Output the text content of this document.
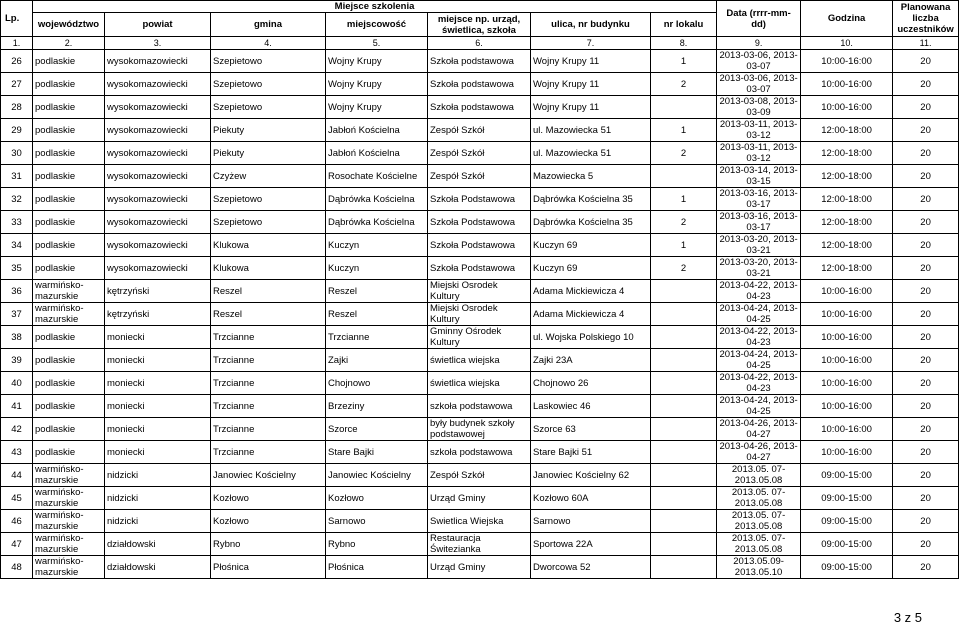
Lp.	Miejsce szkolenia							Data (rrrr-mm-dd)	Godzina	Planowana liczba uczestników
	województwo	powiat	gmina	miejscowość	miejsce np. urząd, świetlica, szkoła	ulica, nr budynku	nr lokalu			
1.	2.	3.	4.	5.	6.	7.	8.	9.	10.	11.
26	podlaskie	wysokomazowiecki	Szepietowo	Wojny Krupy	Szkoła podstawowa	Wojny Krupy 11	1	2013-03-06, 2013-03-07	10:00-16:00	20
27	podlaskie	wysokomazowiecki	Szepietowo	Wojny Krupy	Szkoła podstawowa	Wojny Krupy 11	2	2013-03-06, 2013-03-07	10:00-16:00	20
28	podlaskie	wysokomazowiecki	Szepietowo	Wojny Krupy	Szkoła podstawowa	Wojny Krupy 11		2013-03-08, 2013-03-09	10:00-16:00	20
29	podlaskie	wysokomazowiecki	Piekuty	Jabłoń Kościelna	Zespół Szkół	ul. Mazowiecka 51	1	2013-03-11, 2013-03-12	12:00-18:00	20
30	podlaskie	wysokomazowiecki	Piekuty	Jabłoń Kościelna	Zespół Szkół	ul. Mazowiecka 51	2	2013-03-11, 2013-03-12	12:00-18:00	20
31	podlaskie	wysokomazowiecki	Czyżew	Rosochate Kościelne	Zespół Szkół	Mazowiecka 5		2013-03-14, 2013-03-15	12:00-18:00	20
32	podlaskie	wysokomazowiecki	Szepietowo	Dąbrówka Kościelna	Szkoła Podstawowa	Dąbrówka Kościelna 35	1	2013-03-16, 2013-03-17	12:00-18:00	20
33	podlaskie	wysokomazowiecki	Szepietowo	Dąbrówka Kościelna	Szkoła Podstawowa	Dąbrówka Kościelna 35	2	2013-03-16, 2013-03-17	12:00-18:00	20
34	podlaskie	wysokomazowiecki	Klukowa	Kuczyn	Szkoła Podstawowa	Kuczyn 69	1	2013-03-20, 2013-03-21	12:00-18:00	20
35	podlaskie	wysokomazowiecki	Klukowa	Kuczyn	Szkoła Podstawowa	Kuczyn 69	2	2013-03-20, 2013-03-21	12:00-18:00	20
36	warmińsko-mazurskie	kętrzyński	Reszel	Reszel	Miejski Osrodek Kultury	Adama Mickiewicza 4		2013-04-22, 2013-04-23	10:00-16:00	20
37	warmińsko-mazurskie	kętrzyński	Reszel	Reszel	Miejski Osrodek Kultury	Adama Mickiewicza 4		2013-04-24, 2013-04-25	10:00-16:00	20
38	podlaskie	moniecki	Trzcianne	Trzcianne	Gminny Ośrodek Kultury	ul. Wojska Polskiego 10		2013-04-22, 2013-04-23	10:00-16:00	20
39	podlaskie	moniecki	Trzcianne	Zajki	świetlica wiejska	Zajki 23A		2013-04-24, 2013-04-25	10:00-16:00	20
40	podlaskie	moniecki	Trzcianne	Chojnowo	świetlica wiejska	Chojnowo 26		2013-04-22, 2013-04-23	10:00-16:00	20
41	podlaskie	moniecki	Trzcianne	Brzeziny	szkoła podstawowa	Laskowiec 46		2013-04-24, 2013-04-25	10:00-16:00	20
42	podlaskie	moniecki	Trzcianne	Szorce	były budynek szkoły podstawowej	Szorce 63		2013-04-26, 2013-04-27	10:00-16:00	20
43	podlaskie	moniecki	Trzcianne	Stare Bajki	szkoła podstawowa	Stare Bajki 51		2013-04-26, 2013-04-27	10:00-16:00	20
44	warmińsko-mazurskie	nidzicki	Janowiec Kościelny	Janowiec Kościelny	Zespół Szkół	Janowiec Kościelny 62		2013.05. 07-2013.05.08	09:00-15:00	20
45	warmińsko-mazurskie	nidzicki	Kozłowo	Kozłowo	Urząd Gminy	Kozłowo 60A		2013.05. 07-2013.05.08	09:00-15:00	20
46	warmińsko-mazurskie	nidzicki	Kozłowo	Sarnowo	Swietlica Wiejska	Sarnowo		2013.05. 07-2013.05.08	09:00-15:00	20
47	warmińsko-mazurskie	działdowski	Rybno	Rybno	Restauracja Świtezianka	Sportowa 22A		2013.05. 07-2013.05.08	09:00-15:00	20
48	warmińsko-mazurskie	działdowski	Płośnica	Płośnica	Urząd Gminy	Dworcowa 52		2013.05.09-2013.05.10	09:00-15:00	20
3 z 5
